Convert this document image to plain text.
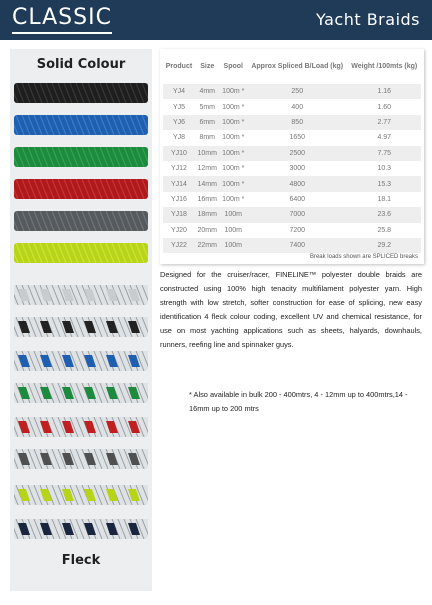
CLASSIC	Yacht Braids
Solid Colour
Fleck
Product	Size	Spool	Approx Spliced B/Load (kg)	Weight /100mts (kg)
YJ4	4mm	100m *	250	1.16
YJ5	5mm	100m *	400	1.60
YJ6	6mm	100m *	850	2.77
YJ8	8mm	100m *	1650	4.97
YJ10	10mm	100m *	2500	7.75
YJ12	12mm	100m *	3000	10.3
YJ14	14mm	100m *	4800	15.3
YJ16	16mm	100m *	6400	18.1
YJ18	18mm	100m	7000	23.6
YJ20	20mm	100m	7200	25.8
YJ22	22mm	100m	7400	29.2
Break loads shown are SPLICED breaks
Designed for the cruiser/racer, FINELINE™ polyester double braids are constructed using 100% high tenacity multifilament polyester yarn. High strength with low stretch, softer construction for ease of splicing, new easy identification 4 fleck colour coding, excellent UV and chemical resistance, for use on most yachting applications such as sheets, halyards, downhauls, runners, reefing line and spinnaker guys.
* Also available in bulk 200 - 400mtrs, 4 - 12mm up to 400mtrs,14 - 16mm up to 200 mtrs
